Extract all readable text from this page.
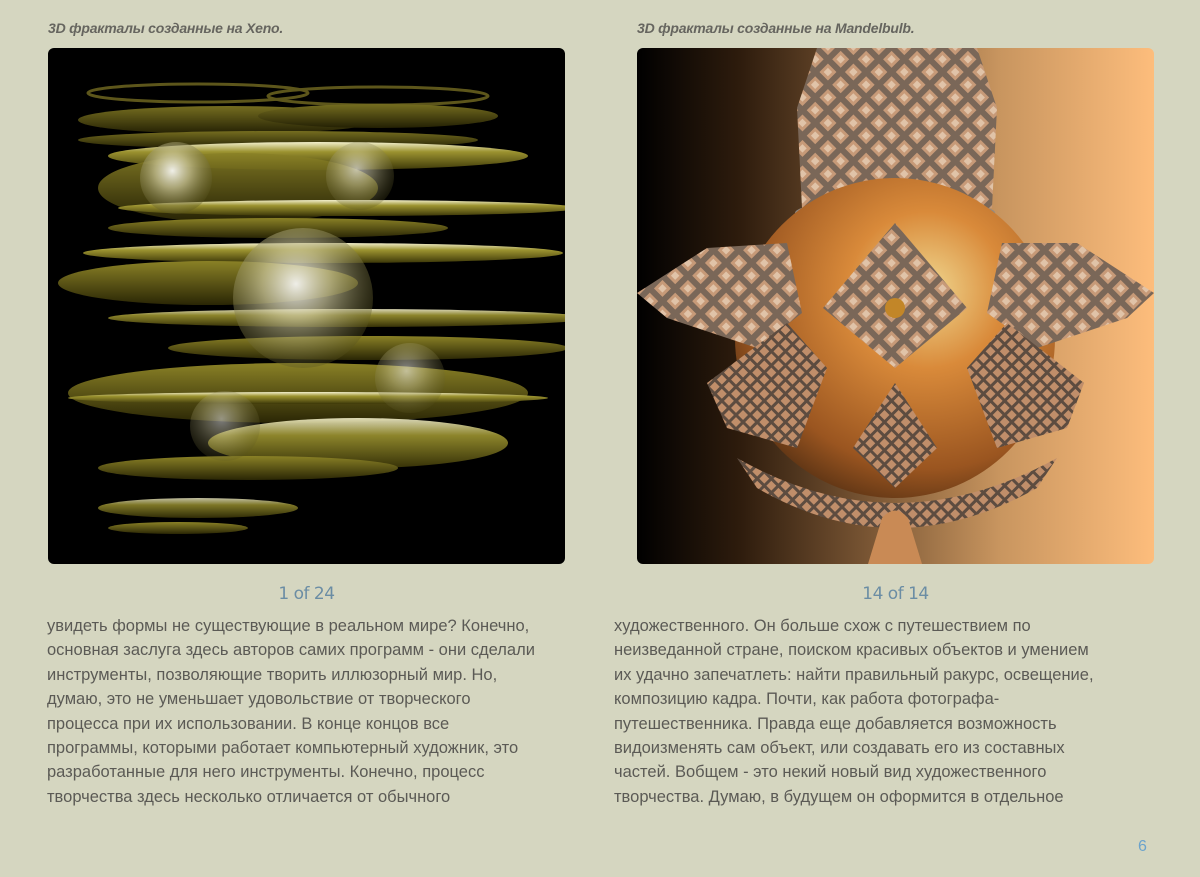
3D фракталы созданные на Xeno.	3D фракталы созданные на Mandelbulb.
1 of 24	14 of 14
увидеть формы не существующие в реальном мире? Конечно,
основная заслуга здесь авторов самих программ - они сделали
инструменты, позволяющие творить иллюзорный мир. Но,
думаю, это не уменьшает удовольствие от творческого
процесса при их использовании. В конце концов все
программы, которыми работает компьютерный художник, это
разработанные для него инструменты. Конечно, процесс
творчества здесь несколько отличается от обычного
художественного. Он больше схож с путешествием по
неизведанной стране, поиском красивых объектов и умением
их удачно запечатлеть: найти правильный ракурс, освещение,
композицию кадра. Почти, как работа фотографа-
путешественника. Правда еще добавляется возможность
видоизменять сам объект, или создавать его из составных
частей. Вобщем - это некий новый вид художественного
творчества. Думаю, в будущем он оформится в отдельное
6
